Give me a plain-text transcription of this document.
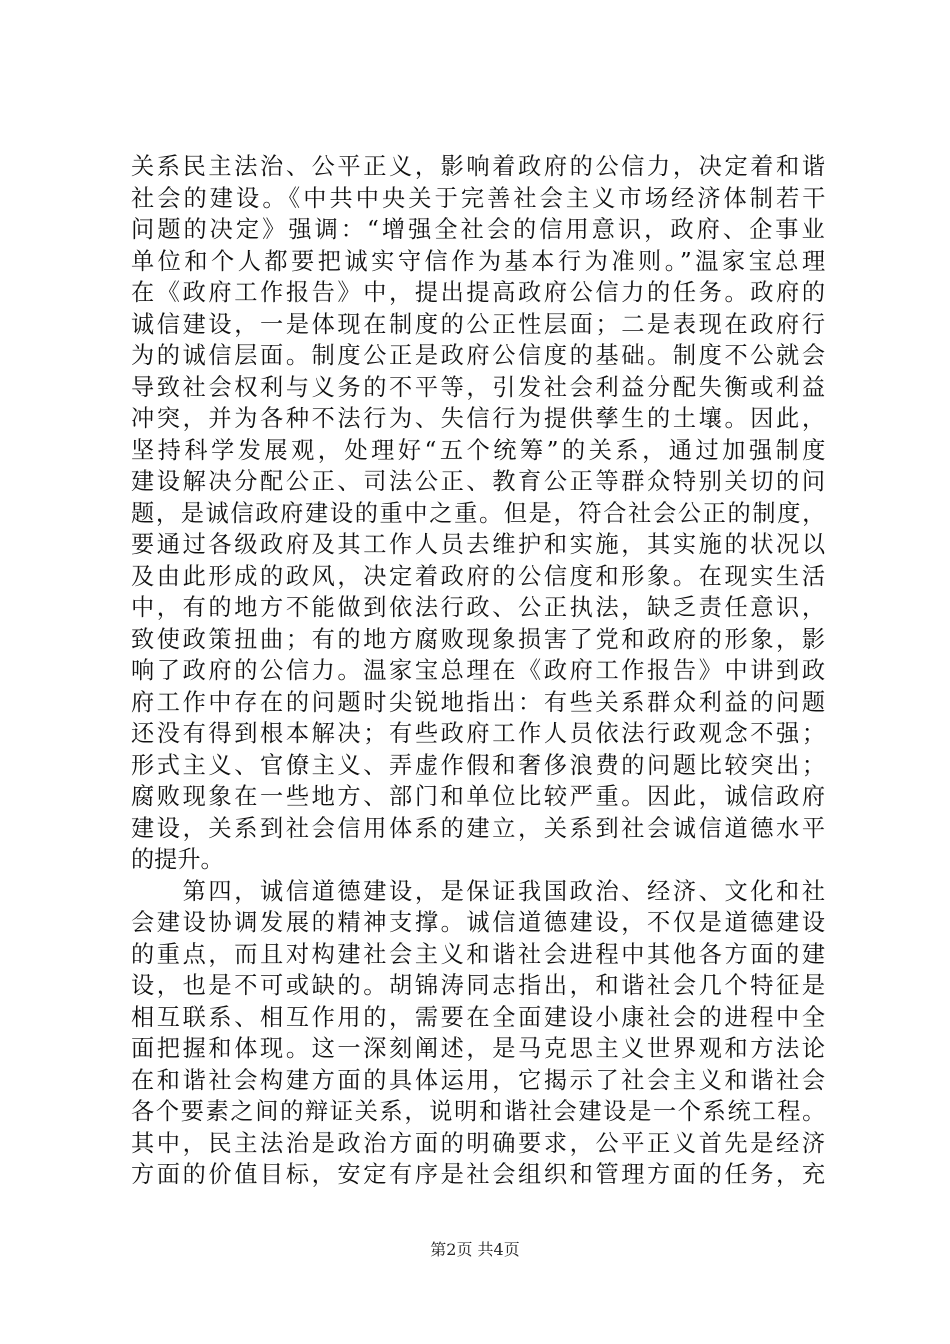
关系民主法治、公平正义，影响着政府的公信力，决定着和谐
社会的建设。《中共中央关于完善社会主义市场经济体制若干
问题的决定》强调：“增强全社会的信用意识，政府、企事业
单位和个人都要把诚实守信作为基本行为准则。”温家宝总理
在《政府工作报告》中，提出提高政府公信力的任务。政府的
诚信建设，一是体现在制度的公正性层面；二是表现在政府行
为的诚信层面。制度公正是政府公信度的基础。制度不公就会
导致社会权利与义务的不平等，引发社会利益分配失衡或利益
冲突，并为各种不法行为、失信行为提供孳生的土壤。因此，
坚持科学发展观，处理好“五个统筹”的关系，通过加强制度
建设解决分配公正、司法公正、教育公正等群众特别关切的问
题，是诚信政府建设的重中之重。但是，符合社会公正的制度，
要通过各级政府及其工作人员去维护和实施，其实施的状况以
及由此形成的政风，决定着政府的公信度和形象。在现实生活
中，有的地方不能做到依法行政、公正执法，缺乏责任意识，
致使政策扭曲；有的地方腐败现象损害了党和政府的形象，影
响了政府的公信力。温家宝总理在《政府工作报告》中讲到政
府工作中存在的问题时尖锐地指出：有些关系群众利益的问题
还没有得到根本解决；有些政府工作人员依法行政观念不强；
形式主义、官僚主义、弄虚作假和奢侈浪费的问题比较突出；
腐败现象在一些地方、部门和单位比较严重。因此，诚信政府
建设，关系到社会信用体系的建立，关系到社会诚信道德水平
的提升。
　　第四，诚信道德建设，是保证我国政治、经济、文化和社
会建设协调发展的精神支撑。诚信道德建设，不仅是道德建设
的重点，而且对构建社会主义和谐社会进程中其他各方面的建
设，也是不可或缺的。胡锦涛同志指出，和谐社会几个特征是
相互联系、相互作用的，需要在全面建设小康社会的进程中全
面把握和体现。这一深刻阐述，是马克思主义世界观和方法论
在和谐社会构建方面的具体运用，它揭示了社会主义和谐社会
各个要素之间的辩证关系，说明和谐社会建设是一个系统工程。
其中，民主法治是政治方面的明确要求，公平正义首先是经济
方面的价值目标，安定有序是社会组织和管理方面的任务，充
第2页 共4页
